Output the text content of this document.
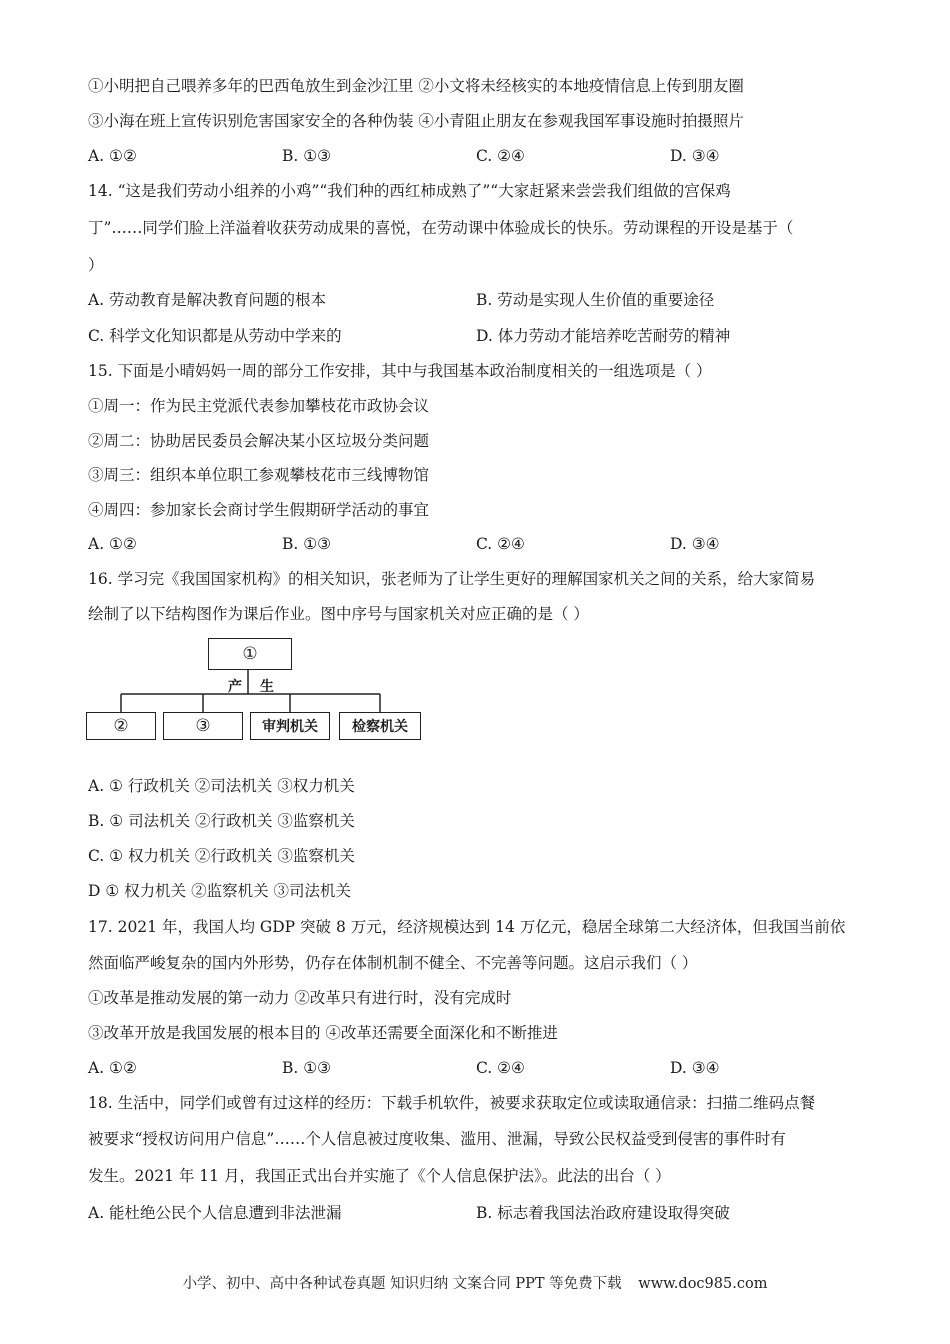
①小明把自己喂养多年的巴西龟放生到金沙江里 ②小文将未经核实的本地疫情信息上传到朋友圈
③小海在班上宣传识别危害国家安全的各种伪装 ④小青阻止朋友在参观我国军事设施时拍摄照片
A. ①②	B. ①③	C. ②④	D. ③④
14. “这是我们劳动小组养的小鸡”“我们种的西红柿成熟了”“大家赶紧来尝尝我们组做的宫保鸡
丁”……同学们脸上洋溢着收获劳动成果的喜悦，在劳动课中体验成长的快乐。劳动课程的开设是基于（
）
A. 劳动教育是解决教育问题的根本	B. 劳动是实现人生价值的重要途径
C. 科学文化知识都是从劳动中学来的	D. 体力劳动才能培养吃苦耐劳的精神
15. 下面是小晴妈妈一周的部分工作安排，其中与我国基本政治制度相关的一组选项是（ ）
①周一：作为民主党派代表参加攀枝花市政协会议
②周二：协助居民委员会解决某小区垃圾分类问题
③周三：组织本单位职工参观攀枝花市三线博物馆
④周四：参加家长会商讨学生假期研学活动的事宜
A. ①②	B. ①③	C. ②④	D. ③④
16. 学习完《我国国家机构》的相关知识，张老师为了让学生更好的理解国家机关之间的关系，给大家简易
绘制了以下结构图作为课后作业。图中序号与国家机关对应正确的是（ ）
①
产 生
②	③	审判机关	检察机关
A. ① 行政机关 ②司法机关 ③权力机关
B. ① 司法机关 ②行政机关 ③监察机关
C. ① 权力机关 ②行政机关 ③监察机关
D ① 权力机关 ②监察机关 ③司法机关
17. 2021 年，我国人均 GDP 突破 8 万元，经济规模达到 14 万亿元，稳居全球第二大经济体，但我国当前依
然面临严峻复杂的国内外形势，仍存在体制机制不健全、不完善等问题。这启示我们（ ）
①改革是推动发展的第一动力 ②改革只有进行时，没有完成时
③改革开放是我国发展的根本目的 ④改革还需要全面深化和不断推进
A. ①②	B. ①③	C. ②④	D. ③④
18. 生活中，同学们或曾有过这样的经历：下载手机软件，被要求获取定位或读取通信录：扫描二维码点餐
被要求“授权访问用户信息”……个人信息被过度收集、滥用、泄漏，导致公民权益受到侵害的事件时有
发生。2021 年 11 月，我国正式出台并实施了《个人信息保护法》。此法的出台（ ）
A. 能杜绝公民个人信息遭到非法泄漏	B. 标志着我国法治政府建设取得突破
小学、初中、高中各种试卷真题 知识归纳 文案合同 PPT 等免费下载 www.doc985.com
